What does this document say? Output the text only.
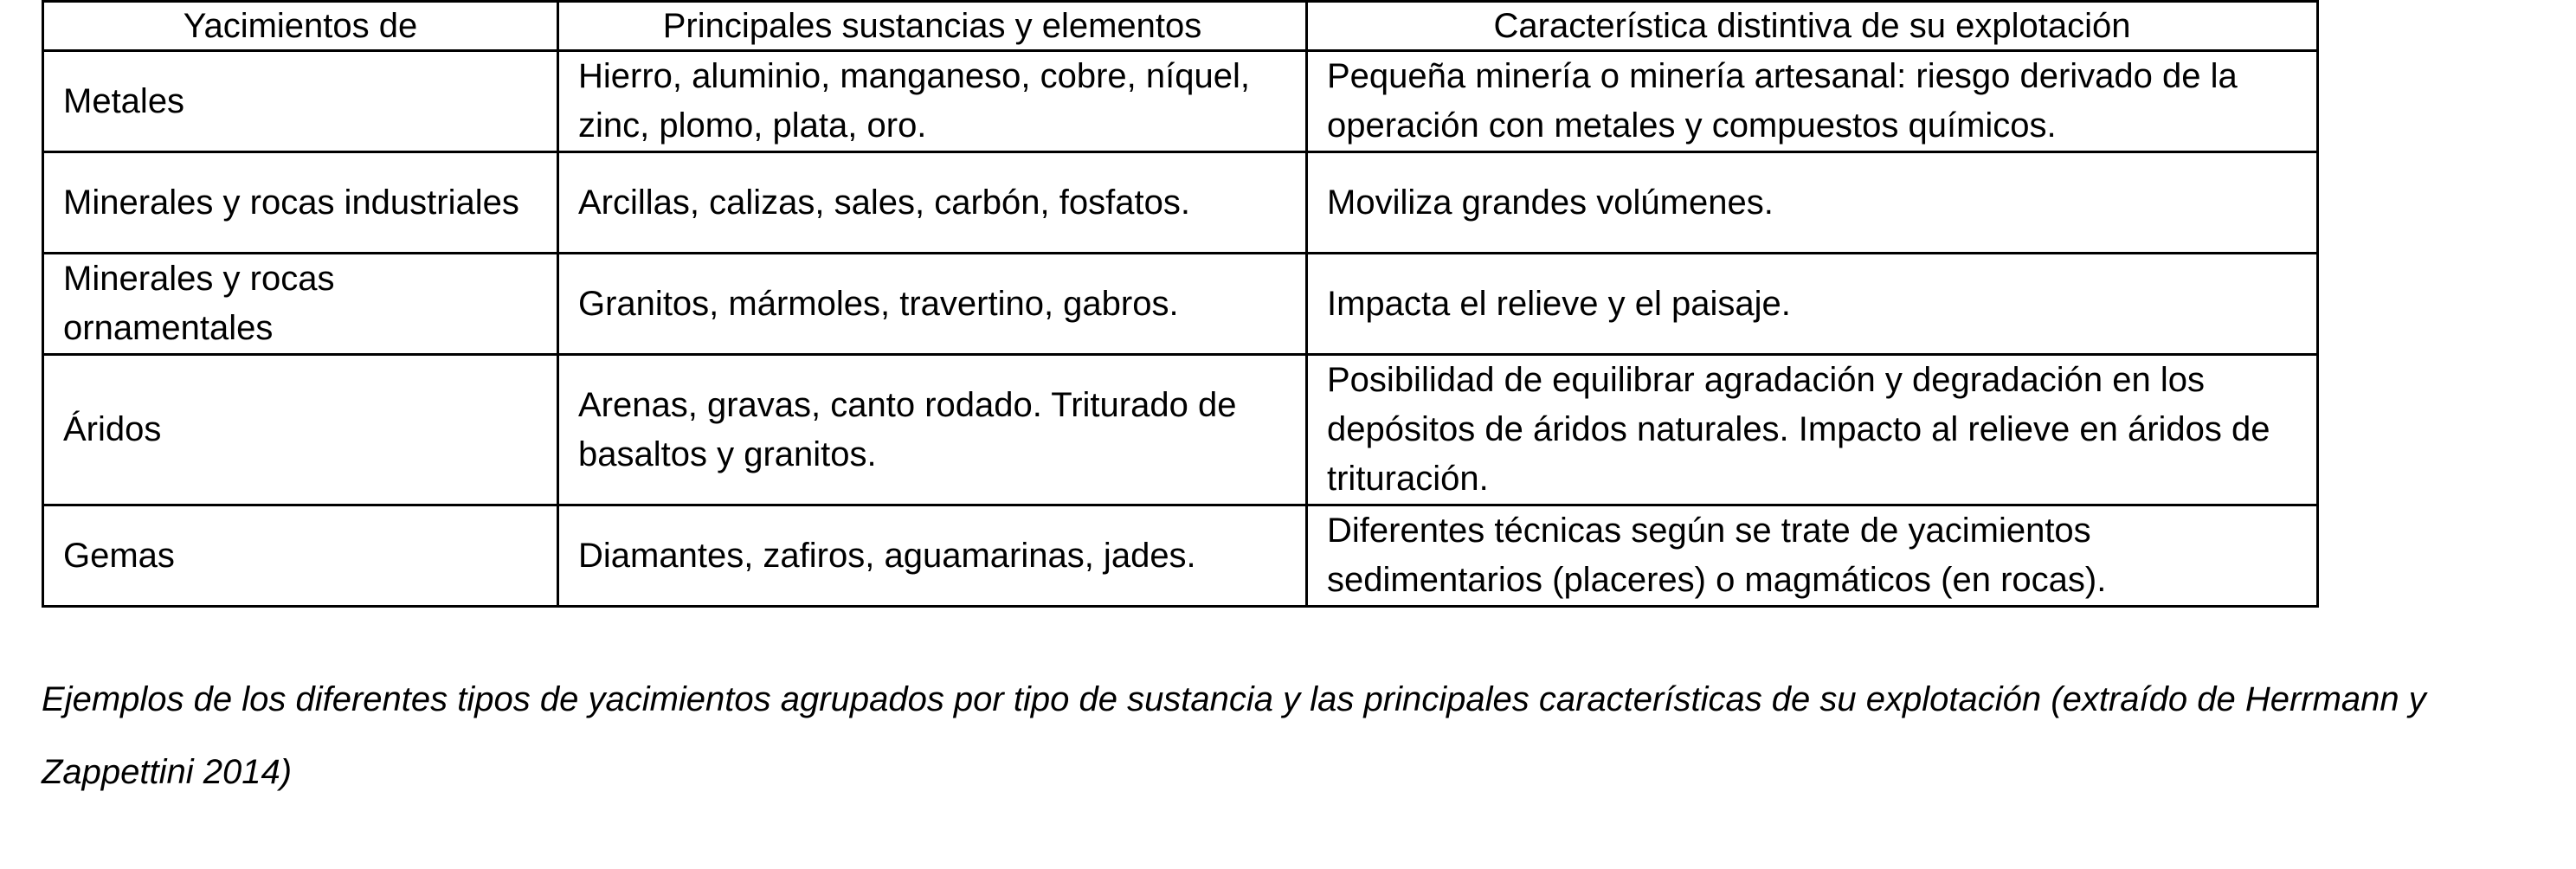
Yacimientos de	Principales sustancias y elementos	Característica distintiva de su explotación
Metales	Hierro, aluminio, manganeso, cobre, níquel, zinc, plomo, plata, oro.	Pequeña minería o minería artesanal: riesgo derivado de la operación con metales y compuestos químicos.
Minerales y rocas industriales	Arcillas, calizas, sales, carbón, fosfatos.	Moviliza grandes volúmenes.
Minerales y rocas ornamentales	Granitos, mármoles, travertino, gabros.	Impacta el relieve y el paisaje.
Áridos	Arenas, gravas, canto rodado. Triturado de basaltos y granitos.	Posibilidad de equilibrar agradación y degradación en los depósitos de áridos naturales. Impacto al relieve en áridos de trituración.
Gemas	Diamantes, zafiros, aguamarinas, jades.	Diferentes técnicas según se trate de yacimientos sedimentarios (placeres) o magmáticos (en rocas).

Ejemplos de los diferentes tipos de yacimientos agrupados por tipo de sustancia y las principales características de su explotación (extraído de Herrmann y Zappettini 2014)
